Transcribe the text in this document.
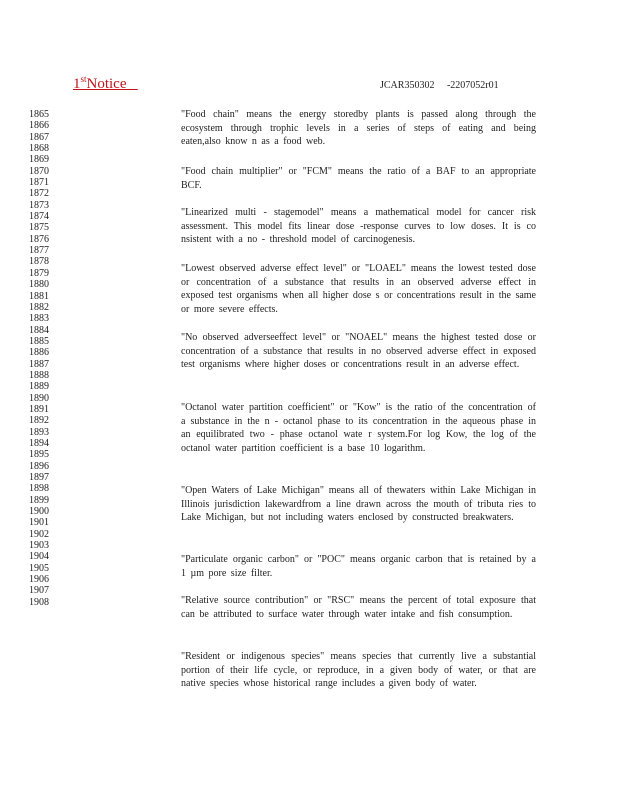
1stNotice	JCAR350302     -2207052r01
1865
1866
1867
1868
1869
1870
1871
1872
1873
1874
1875
1876
1877
1878
1879
1880
1881
1882
1883
1884
1885
1886
1887
1888
1889
1890
1891
1892
1893
1894
1895
1896
1897
1898
1899
1900
1901
1902
1903
1904
1905
1906
1907
1908
"Food chain" means the energy storedby plants is passed along through the ecosystem through trophic levels in a series of steps of eating and being eaten,also know n as a food web.
"Food chain multiplier" or "FCM" means the ratio of a BAF to an appropriate BCF.
"Linearized multi - stagemodel" means a mathematical model for cancer risk assessment. This model fits linear dose -response curves to low doses. It is co nsistent with a no - threshold model of carcinogenesis.
"Lowest observed adverse effect level" or "LOAEL" means the lowest tested dose or concentration of a substance that results in an observed adverse effect in exposed test organisms when all higher dose s or concentrations result in the same or more severe effects.
"No observed adverseeffect level" or "NOAEL" means the highest tested dose or concentration of a substance that results in no observed adverse effect in exposed test organisms where higher doses or concentrations result in an adverse effect.
"Octanol water partition coefficient" or "Kow" is the ratio of the concentration of a substance in the n - octanol phase to its concentration in the aqueous phase in an equilibrated two - phase octanol wate r system.For log Kow, the log of the octanol water partition coefficient is a base 10 logarithm.
"Open Waters of Lake Michigan" means all of thewaters within Lake Michigan in Illinois jurisdiction lakewardfrom a line drawn across the mouth of tributa ries to Lake Michigan, but not including waters enclosed by constructed breakwaters.
"Particulate organic carbon" or "POC" means organic carbon that is retained by a 1 µm pore size filter.
"Relative source contribution" or "RSC" means the percent of total exposure that can be attributed to surface water through water intake and fish consumption.
"Resident or indigenous species" means species that currently live a substantial portion of their life cycle, or reproduce, in a given body of water, or that are native species whose historical range includes a given body of water.
